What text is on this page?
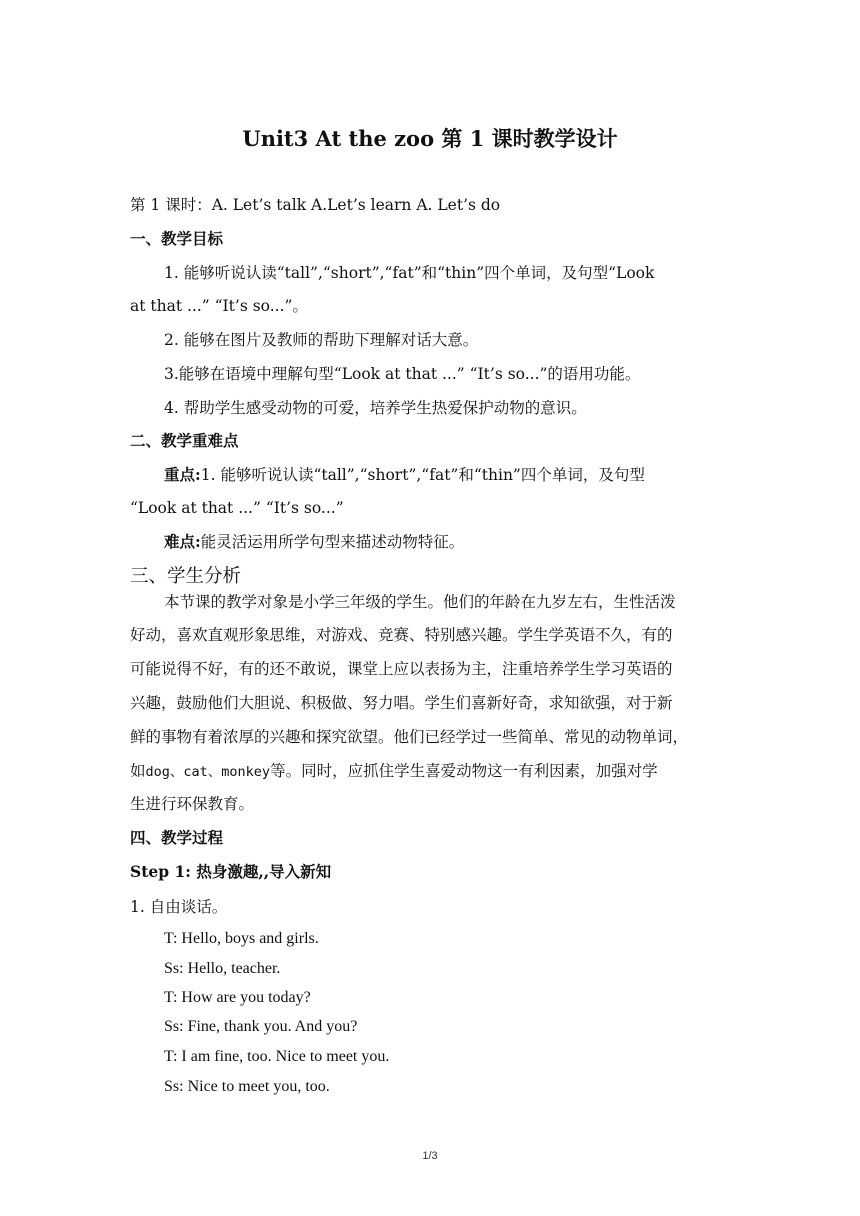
Unit3 At the zoo 第 1 课时教学设计
第 1 课时：A. Let’s talk A.Let’s learn A. Let’s do
一、教学目标
1. 能够听说认读“tall”,“short”,“fat”和“thin”四个单词，及句型“Look
at that ...” “It’s so...”。
2. 能够在图片及教师的帮助下理解对话大意。
3.能够在语境中理解句型“Look at that ...” “It’s so...”的语用功能。
4. 帮助学生感受动物的可爱，培养学生热爱保护动物的意识。
二、教学重难点
重点:1. 能够听说认读“tall”,“short”,“fat”和“thin”四个单词，及句型
“Look at that ...” “It’s so...”
难点:能灵活运用所学句型来描述动物特征。
三、学生分析
本节课的教学对象是小学三年级的学生。他们的年龄在九岁左右，生性活泼
好动，喜欢直观形象思维，对游戏、竞赛、特别感兴趣。学生学英语不久，有的
可能说得不好，有的还不敢说，课堂上应以表扬为主，注重培养学生学习英语的
兴趣，鼓励他们大胆说、积极做、努力唱。学生们喜新好奇，求知欲强，对于新
鲜的事物有着浓厚的兴趣和探究欲望。他们已经学过一些简单、常见的动物单词，
如dog、cat、monkey等。同时，应抓住学生喜爱动物这一有利因素，加强对学
生进行环保教育。
四、教学过程
Step 1: 热身激趣,,导入新知
1. 自由谈话。
T: Hello, boys and girls.
Ss: Hello, teacher.
T: How are you today?
Ss: Fine, thank you. And you?
T: I am fine, too. Nice to meet you.
Ss: Nice to meet you, too.
1/3
